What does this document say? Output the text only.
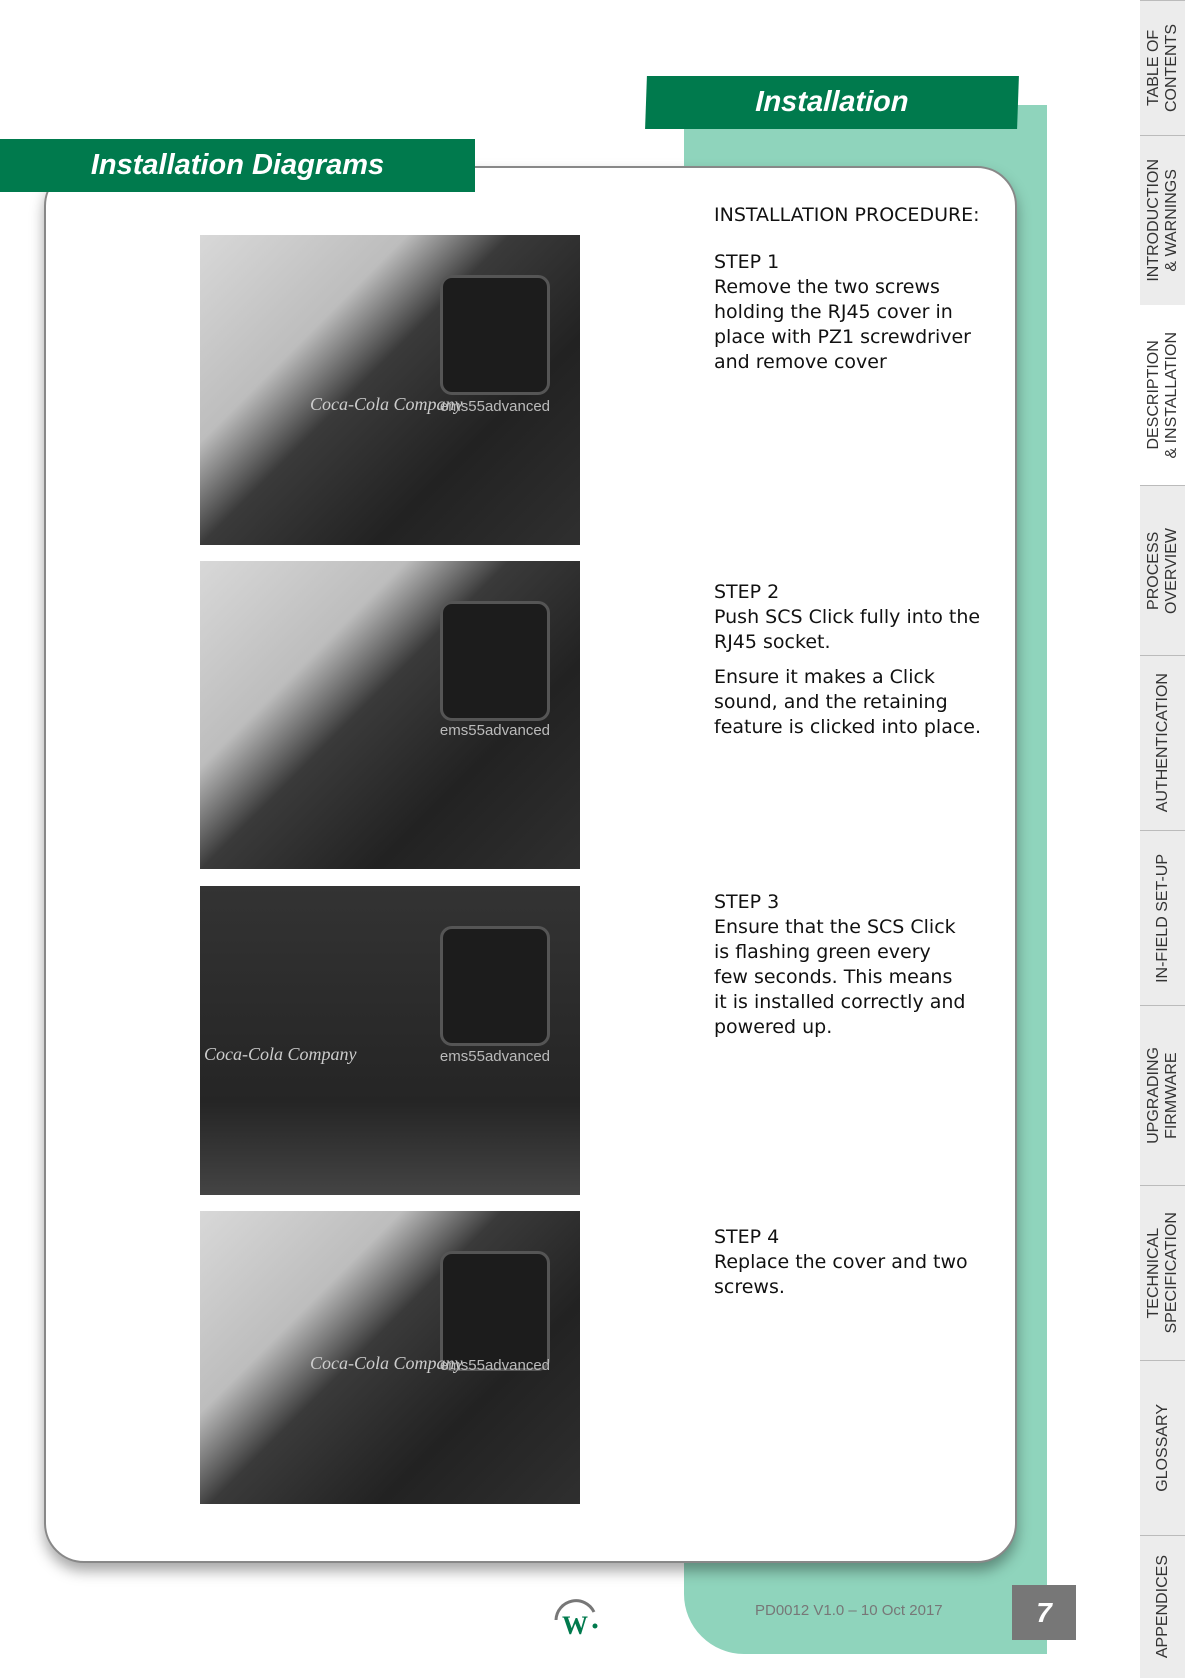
Installation
Installation Diagrams
Coca-Cola Company
ems55advanced
ems55advanced
Coca-Cola Company	ems55advanced
Coca-Cola Company
ems55advanced
INSTALLATION PROCEDURE:
STEP 1
Remove the two screws holding the RJ45 cover in place with PZ1 screwdriver and remove cover
STEP 2
Push SCS Click fully into the RJ45 socket.
Ensure it makes a Click sound, and the retaining feature is clicked into place.
STEP 3
Ensure that the SCS Click is flashing green every few seconds. This means it is installed correctly and powered up.
STEP 4
Replace the cover and two screws.
TABLE OF
CONTENTS
INTRODUCTION
& WARNINGS
DESCRIPTION
& INSTALLATION
PROCESS
OVERVIEW
AUTHENTICATION
IN-FIELD SET-UP
UPGRADING
FIRMWARE
TECHNICAL
SPECIFICATION
GLOSSARY
APPENDICES
W
PD0012 V1.0 – 10 Oct 2017	7
